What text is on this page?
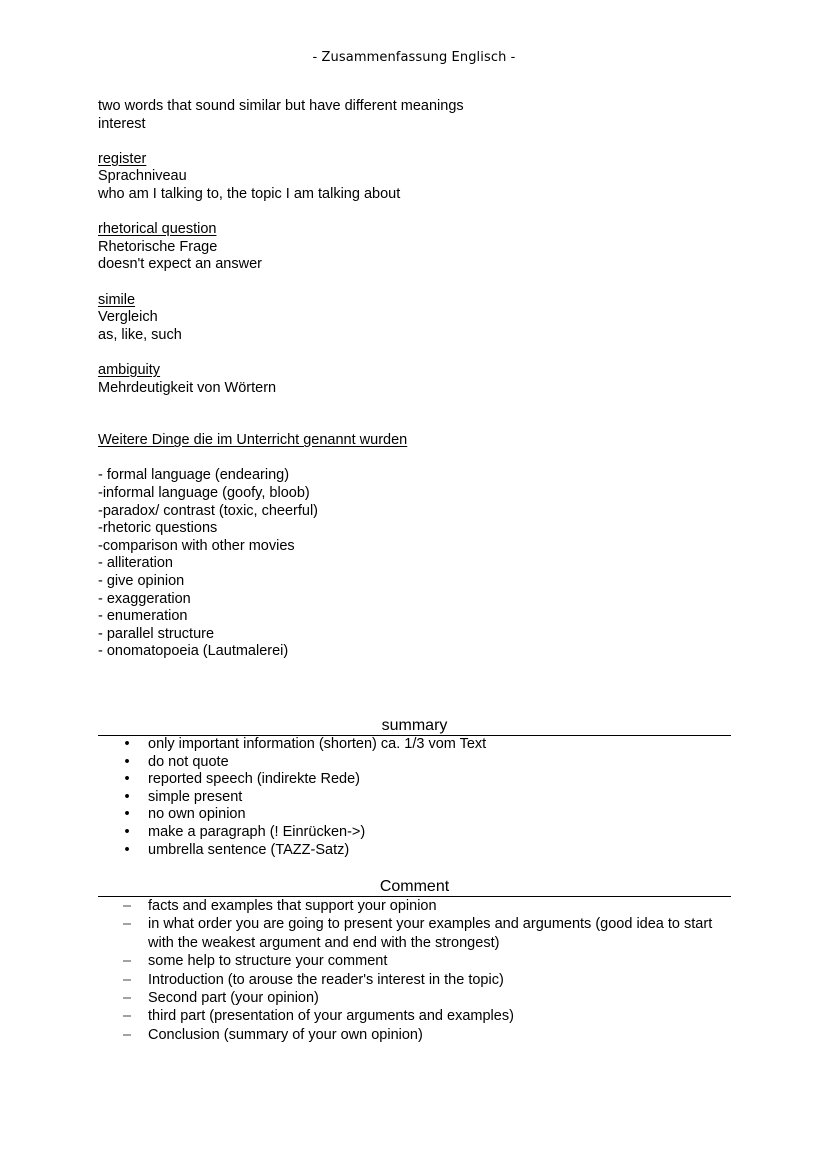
- Zusammenfassung Englisch -
two words that sound similar but have different meanings
interest
register
Sprachniveau
who am I talking to, the topic I am talking about
rhetorical question
Rhetorische Frage
doesn't expect an answer
simile
Vergleich
as, like, such
ambiguity
Mehrdeutigkeit von Wörtern
Weitere Dinge die im Unterricht genannt wurden
- formal language (endearing)
-informal language (goofy, bloob)
-paradox/ contrast (toxic, cheerful)
-rhetoric questions
-comparison with other movies
- alliteration
- give opinion
- exaggeration
- enumeration
- parallel structure
- onomatopoeia (Lautmalerei)
summary
• only important information (shorten) ca. 1/3 vom Text
• do not quote
• reported speech (indirekte Rede)
• simple present
• no own opinion
• make a paragraph (! Einrücken->)
• umbrella sentence (TAZZ-Satz)
Comment
– facts and examples that support your opinion
– in what order you are going to present your examples and arguments (good idea to start with the weakest argument and end with the strongest)
– some help to structure your comment
– Introduction (to arouse the reader's interest in the topic)
– Second part (your opinion)
– third part (presentation of your arguments and examples)
– Conclusion (summary of your own opinion)
